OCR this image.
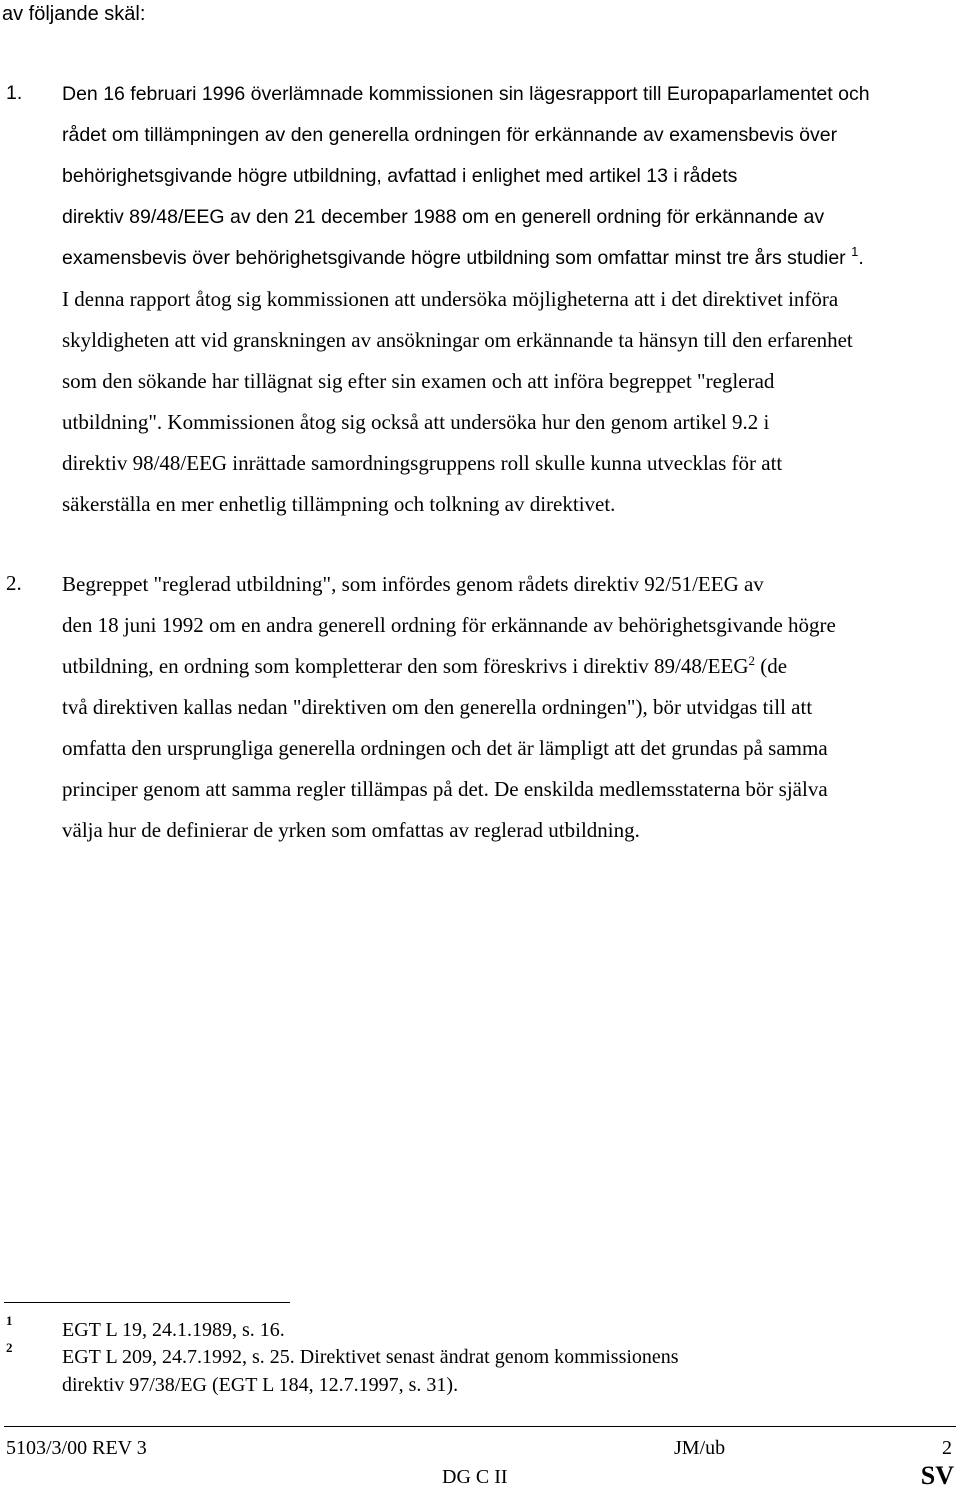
av följande skäl:
1. Den 16 februari 1996 överlämnade kommissionen sin lägesrapport till Europaparlamentet och
rådet om tillämpningen av den generella ordningen för erkännande av examensbevis över
behörighetsgivande högre utbildning, avfattad i enlighet med artikel 13 i rådets
direktiv 89/48/EEG av den 21 december 1988 om en generell ordning för erkännande av
examensbevis över behörighetsgivande högre utbildning som omfattar minst tre års studier $^1$.
I denna rapport åtog sig kommissionen att undersöka möjligheterna att i det direktivet införa
skyldigheten att vid granskningen av ansökningar om erkännande ta hänsyn till den erfarenhet
som den sökande har tillägnat sig efter sin examen och att införa begreppet "reglerad
utbildning". Kommissionen åtog sig också att undersöka hur den genom artikel 9.2 i
direktiv 98/48/EEG inrättade samordningsgruppens roll skulle kunna utvecklas för att
säkerställa en mer enhetlig tillämpning och tolkning av direktivet.
2. Begreppet "reglerad utbildning", som infördes genom rådets direktiv 92/51/EEG av
den 18 juni 1992 om en andra generell ordning för erkännande av behörighetsgivande högre
utbildning, en ordning som kompletterar den som föreskrivs i direktiv 89/48/EEG$^2$ (de
två direktiven kallas nedan "direktiven om den generella ordningen"), bör utvidgas till att
omfatta den ursprungliga generella ordningen och det är lämpligt att det grundas på samma
principer genom att samma regler tillämpas på det. De enskilda medlemsstaterna bör själva
välja hur de definierar de yrken som omfattas av reglerad utbildning.
1 EGT L 19, 24.1.1989, s. 16.
2 EGT L 209, 24.7.1992, s. 25. Direktivet senast ändrat genom kommissionens
direktiv 97/38/EG (EGT L 184, 12.7.1997, s. 31).
5103/3/00 REV 3	JM/ub	2
DG C II	SV
